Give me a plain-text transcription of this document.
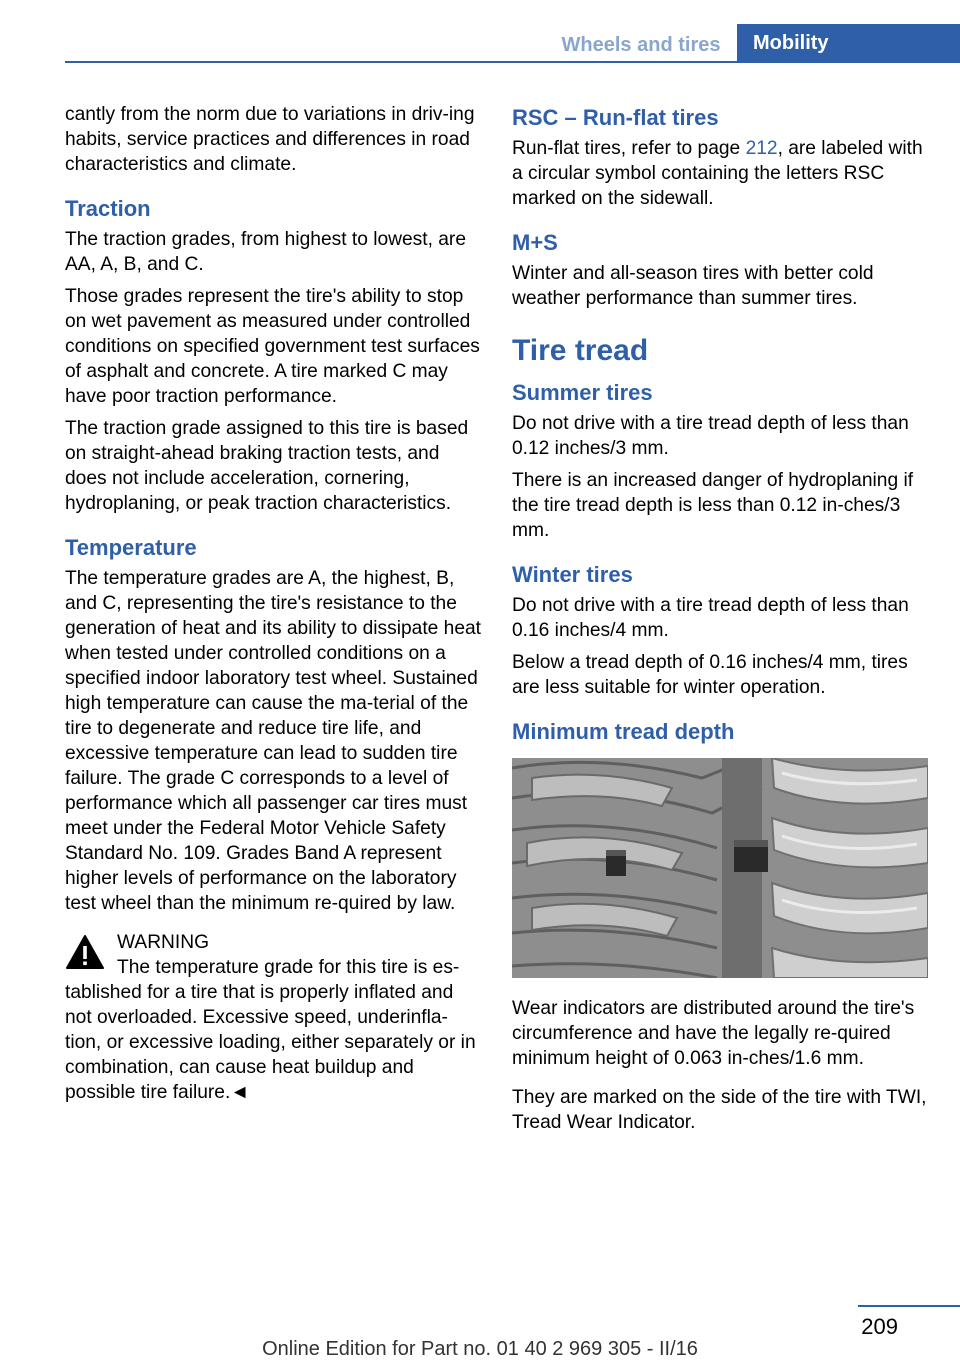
Wheels and tires	Mobility

cantly from the norm due to variations in driv-ing habits, service practices and differences in road characteristics and climate.

Traction

The traction grades, from highest to lowest, are AA, A, B, and C.

Those grades represent the tire's ability to stop on wet pavement as measured under controlled conditions on specified government test surfaces of asphalt and concrete. A tire marked C may have poor traction performance.

The traction grade assigned to this tire is based on straight-ahead braking traction tests, and does not include acceleration, cornering, hydroplaning, or peak traction characteristics.

Temperature

The temperature grades are A, the highest, B, and C, representing the tire's resistance to the generation of heat and its ability to dissipate heat when tested under controlled conditions on a specified indoor laboratory test wheel. Sustained high temperature can cause the ma-terial of the tire to degenerate and reduce tire life, and excessive temperature can lead to sudden tire failure. The grade C corresponds to a level of performance which all passenger car tires must meet under the Federal Motor Vehicle Safety Standard No. 109. Grades Band A represent higher levels of performance on the laboratory test wheel than the minimum re-quired by law.

WARNING

The temperature grade for this tire is es-tablished for a tire that is properly inflated and not overloaded. Excessive speed, underinfla-tion, or excessive loading, either separately or in combination, can cause heat buildup and possible tire failure.◄

RSC – Run-flat tires

Run-flat tires, refer to page 212, are labeled with a circular symbol containing the letters RSC marked on the sidewall.

M+S

Winter and all-season tires with better cold weather performance than summer tires.

Tire tread
Summer tires

Do not drive with a tire tread depth of less than 0.12 inches/3 mm.

There is an increased danger of hydroplaning if the tire tread depth is less than 0.12 in-ches/3 mm.

Winter tires

Do not drive with a tire tread depth of less than 0.16 inches/4 mm.

Below a tread depth of 0.16 inches/4 mm, tires are less suitable for winter operation.

Minimum tread depth

Wear indicators are distributed around the tire's circumference and have the legally re-quired minimum height of 0.063 in-ches/1.6 mm.

They are marked on the side of the tire with TWI, Tread Wear Indicator.

209
Online Edition for Part no. 01 40 2 969 305 - II/16
